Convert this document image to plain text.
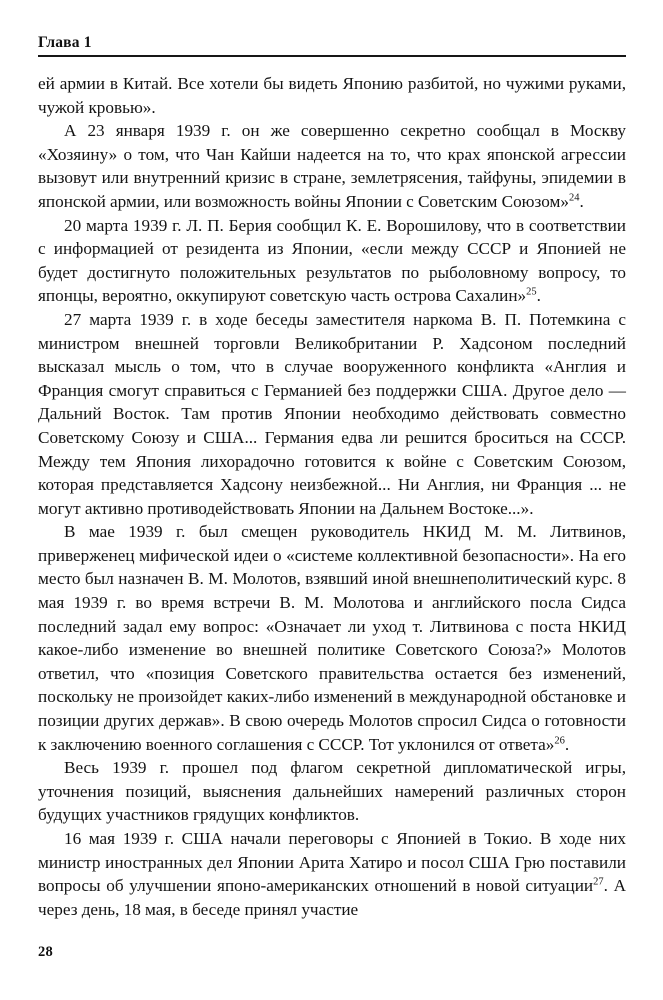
Глава 1

ей армии в Китай. Все хотели бы видеть Японию разбитой, но чужими руками, чужой кровью».

А 23 января 1939 г. он же совершенно секретно сообщал в Москву «Хозяину» о том, что Чан Кайши надеется на то, что крах японской агрессии вызовут или внутренний кризис в стране, землетрясения, тайфуны, эпидемии в японской армии, или возможность войны Японии с Советским Союзом»$^{24}$.

20 марта 1939 г. Л. П. Берия сообщил К. Е. Ворошилову, что в соответствии с информацией от резидента из Японии, «если между СССР и Японией не будет достигнуто положительных результатов по рыболовному вопросу, то японцы, вероятно, оккупируют советскую часть острова Сахалин»$^{25}$.

27 марта 1939 г. в ходе беседы заместителя наркома В. П. Потемкина с министром внешней торговли Великобритании Р. Хадсоном последний высказал мысль о том, что в случае вооруженного конфликта «Англия и Франция смогут справиться с Германией без поддержки США. Другое дело — Дальний Восток. Там против Японии необходимо действовать совместно Советскому Союзу и США... Германия едва ли решится броситься на СССР. Между тем Япония лихорадочно готовится к войне с Советским Союзом, которая представляется Хадсону неизбежной... Ни Англия, ни Франция ... не могут активно противодействовать Японии на Дальнем Востоке...».

В мае 1939 г. был смещен руководитель НКИД М. М. Литвинов, приверженец мифической идеи о «системе коллективной безопасности». На его место был назначен В. М. Молотов, взявший иной внешнеполитический курс. 8 мая 1939 г. во время встречи В. М. Молотова и английского посла Сидса последний задал ему вопрос: «Означает ли уход т. Литвинова с поста НКИД какое-либо изменение во внешней политике Советского Союза?» Молотов ответил, что «позиция Советского правительства остается без изменений, поскольку не произойдет каких-либо изменений в международной обстановке и позиции других держав». В свою очередь Молотов спросил Сидса о готовности к заключению военного соглашения с СССР. Тот уклонился от ответа»$^{26}$.

Весь 1939 г. прошел под флагом секретной дипломатической игры, уточнения позиций, выяснения дальнейших намерений различных сторон будущих участников грядущих конфликтов.

16 мая 1939 г. США начали переговоры с Японией в Токио. В ходе них министр иностранных дел Японии Арита Хатиро и посол США Грю поставили вопросы об улучшении японо-американских отношений в новой ситуации$^{27}$. А через день, 18 мая, в беседе принял участие

28
